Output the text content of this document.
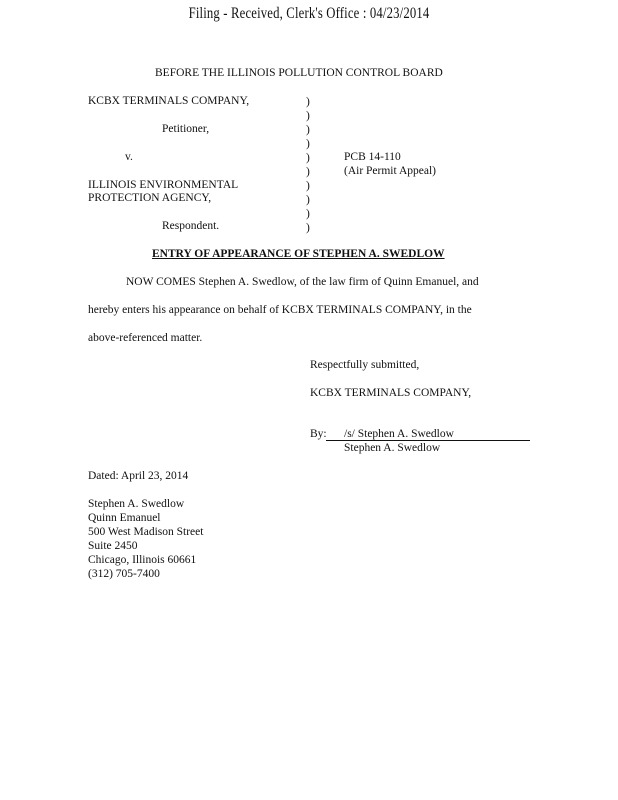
Filing - Received, Clerk's Office : 04/23/2014
BEFORE THE ILLINOIS POLLUTION CONTROL BOARD
KCBX TERMINALS COMPANY,
Petitioner,
v.
ILLINOIS ENVIRONMENTAL
PROTECTION AGENCY,
Respondent.
)
)
)
)
)
)
)
)
)
)
PCB 14-110
(Air Permit Appeal)
ENTRY OF APPEARANCE OF STEPHEN A. SWEDLOW
NOW COMES Stephen A. Swedlow, of the law firm of Quinn Emanuel, and
hereby enters his appearance on behalf of KCBX TERMINALS COMPANY, in the
above-referenced matter.
Respectfully submitted,
KCBX TERMINALS COMPANY,
By: /s/ Stephen A. Swedlow
Stephen A. Swedlow
Dated: April 23, 2014
Stephen A. Swedlow
Quinn Emanuel
500 West Madison Street
Suite 2450
Chicago, Illinois 60661
(312) 705-7400
